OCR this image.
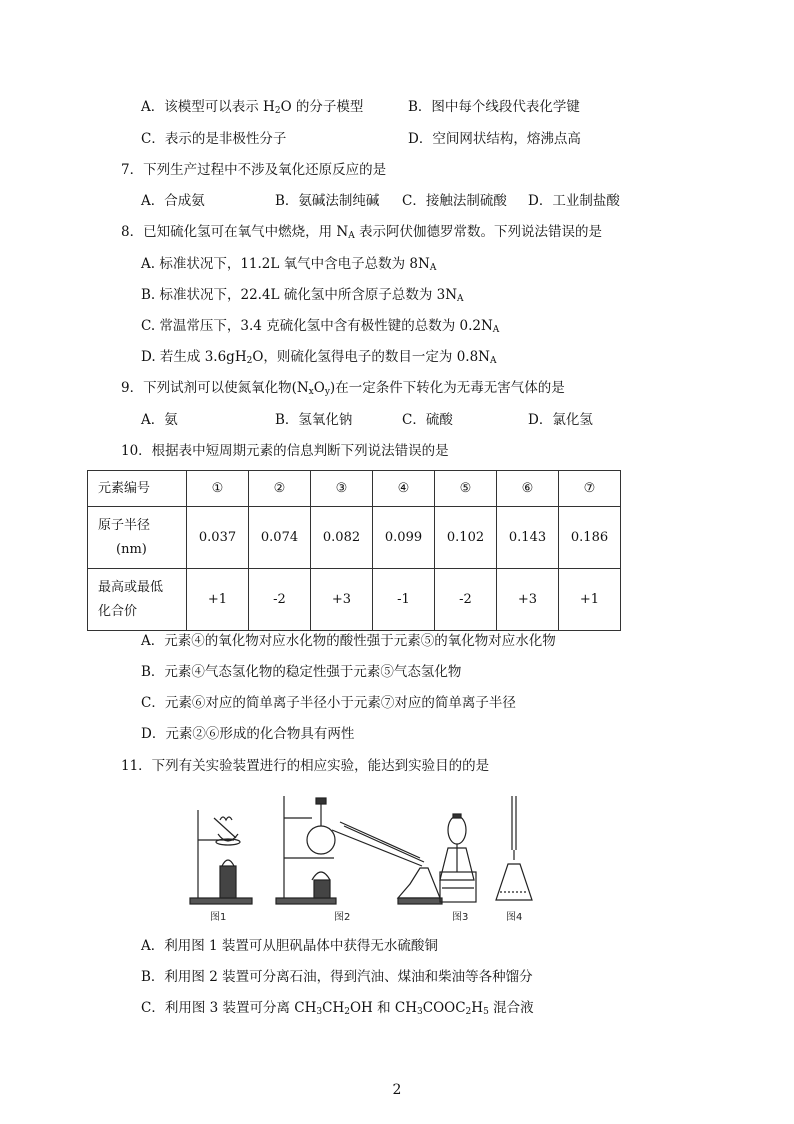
A．该模型可以表示 $H_2O$ 的分子模型	B．图中每个线段代表化学键
C．表示的是非极性分子	D．空间网状结构，熔沸点高
7．下列生产过程中不涉及氧化还原反应的是
A．合成氨	B．氨碱法制纯碱 C．接触法制硫酸 D．工业制盐酸
8．已知硫化氢可在氧气中燃烧，用 $N_A$ 表示阿伏伽德罗常数。下列说法错误的是
A. 标准状况下，11.2L 氧气中含电子总数为 $8N_A$
B. 标准状况下，22.4L 硫化氢中所含原子总数为 $3N_A$
C. 常温常压下，3.4 克硫化氢中含有极性键的总数为 $0.2N_A$
D. 若生成 $3.6gH_2O$，则硫化氢得电子的数目一定为 $0.8N_A$
9．下列试剂可以使氮氧化物$(N_xO_y)$在一定条件下转化为无毒无害气体的是
A．氨	B．氢氧化钠	C．硫酸	D．氯化氢
10．根据表中短周期元素的信息判断下列说法错误的是
元素编号	①	②	③	④	⑤	⑥	⑦

原子半径
(nm)	0.037	0.074	0.082	0.099	0.102	0.143	0.186

最高或最低
化合价	+1	-2	+3	-1	-2	+3	+1
A．元素④的氧化物对应水化物的酸性强于元素⑤的氧化物对应水化物
B．元素④气态氢化物的稳定性强于元素⑤气态氢化物
C．元素⑥对应的简单离子半径小于元素⑦对应的简单离子半径
D．元素②⑥形成的化合物具有两性
11．下列有关实验装置进行的相应实验，能达到实验目的的是
图1	图2	图3	图4
A．利用图 1 装置可从胆矾晶体中获得无水硫酸铜
B．利用图 2 装置可分离石油，得到汽油、煤油和柴油等各种馏分
C．利用图 3 装置可分离 $CH_3CH_2OH$ 和 $CH_3COOC_2H_5$ 混合液
2
